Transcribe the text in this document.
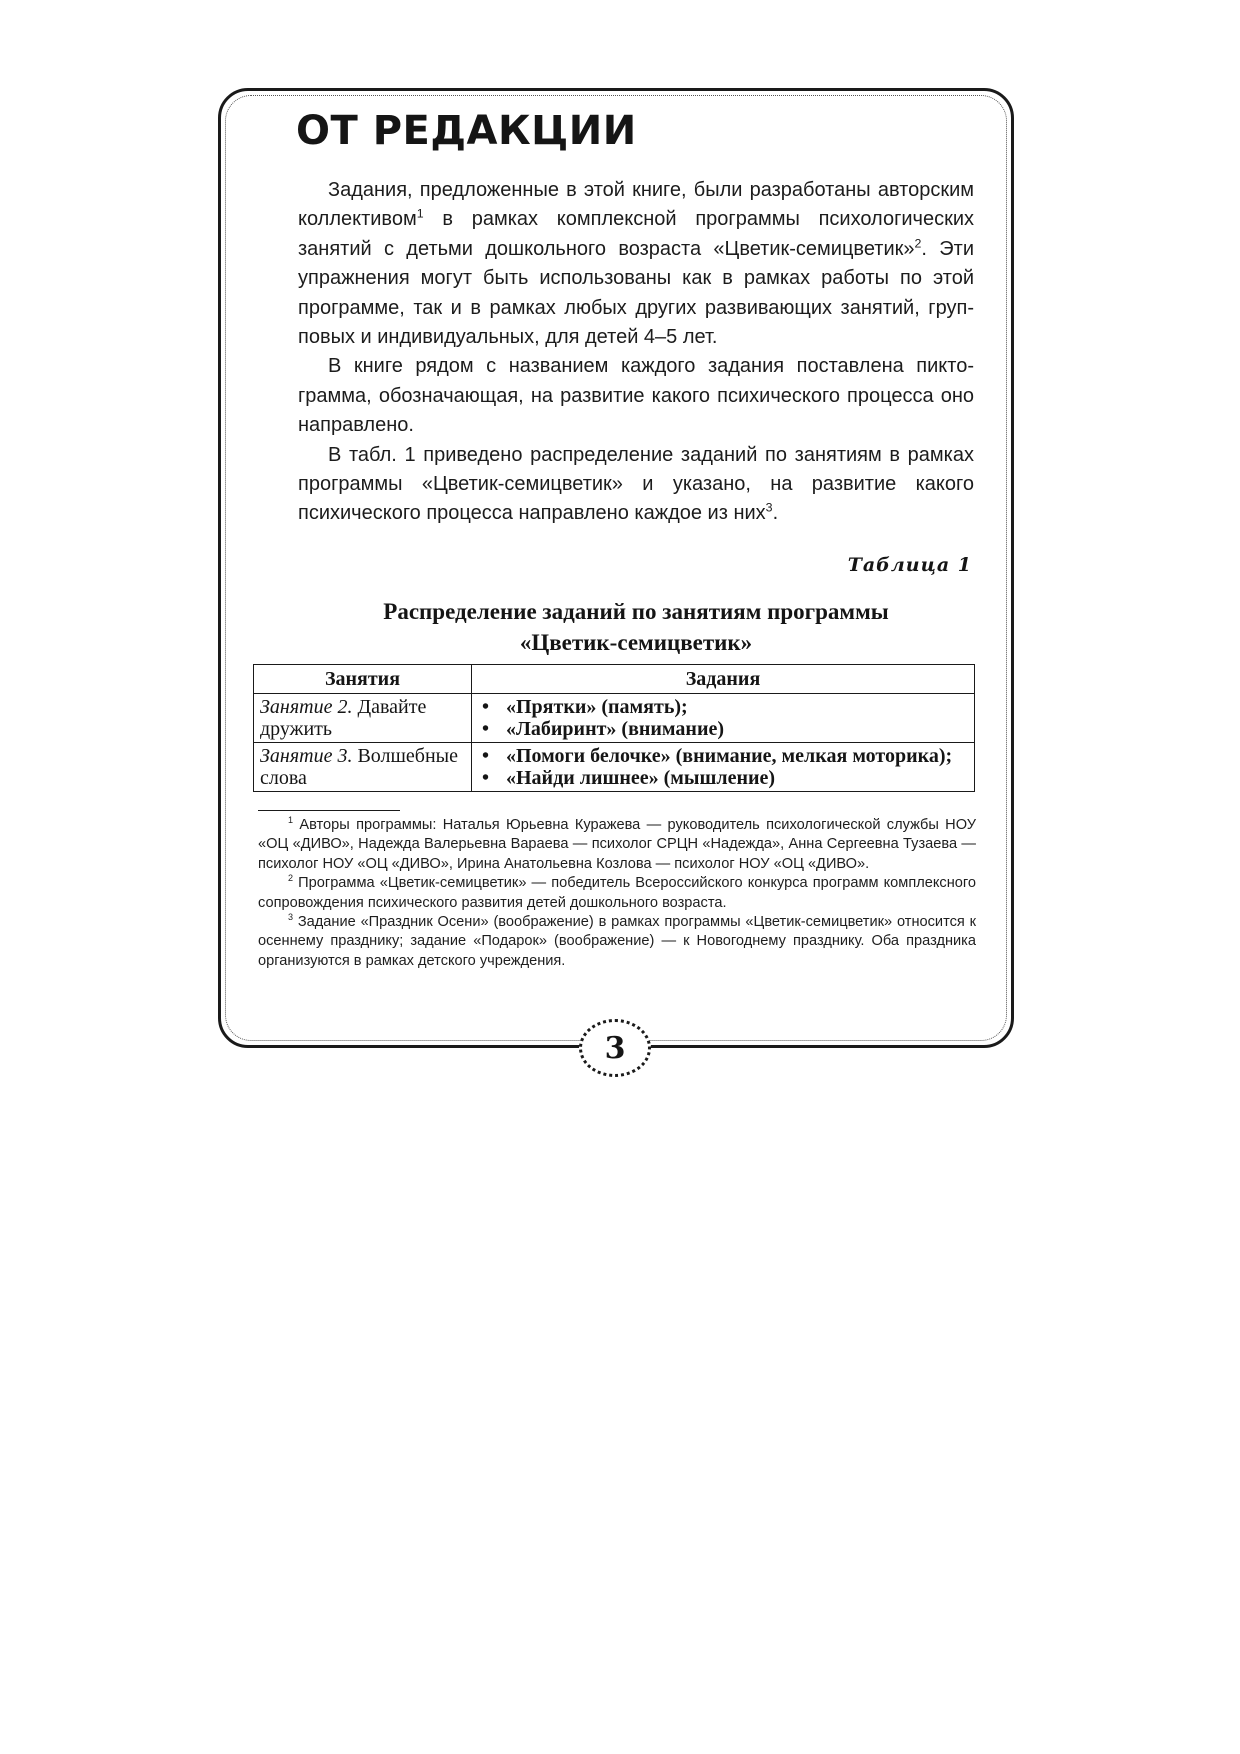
ОТ РЕДАКЦИИ

Задания, предложенные в этой книге, были разработаны авторским коллективом$^1$ в рамках комплексной программы психологических занятий с детьми дошкольного возраста «Цветик-семицветик»$^2$. Эти упражнения могут быть использованы как в рамках работы по этой программе, так и в рамках любых других развивающих занятий, групповых и индивидуальных, для детей 4–5 лет.

В книге рядом с названием каждого задания поставлена пиктограмма, обозначающая, на развитие какого психического процесса оно направлено.

В табл. 1 приведено распределение заданий по занятиям в рамках программы «Цветик-семицветик» и указано, на развитие какого психического процесса направлено каждое из них$^3$.

Таблица 1
Распределение заданий по занятиям программы
«Цветик-семицветик»
Занятия	Задания
Занятие 2. Давайте дружить	• «Прятки» (память);
• «Лабиринт» (внимание)

Занятие 3. Волшебные слова	• «Помоги белочке» (внимание, мелкая моторика);
• «Найди лишнее» (мышление)

$^1$ Авторы программы: Наталья Юрьевна Куражева — руководитель психологической службы НОУ «ОЦ «ДИВО», Надежда Валерьевна Вараева — психолог СРЦН «Надежда», Анна Сергеевна Тузаева — психолог НОУ «ОЦ «ДИВО», Ирина Анатольевна Козлова — психолог НОУ «ОЦ «ДИВО».

$^2$ Программа «Цветик-семицветик» — победитель Всероссийского конкурса программ комплексного сопровождения психического развития детей дошкольного возраста.

$^3$ Задание «Праздник Осени» (воображение) в рамках программы «Цветик-семицветик» относится к осеннему празднику; задание «Подарок» (воображение) — к Новогоднему празднику. Оба праздника организуются в рамках детского учреждения.

3
